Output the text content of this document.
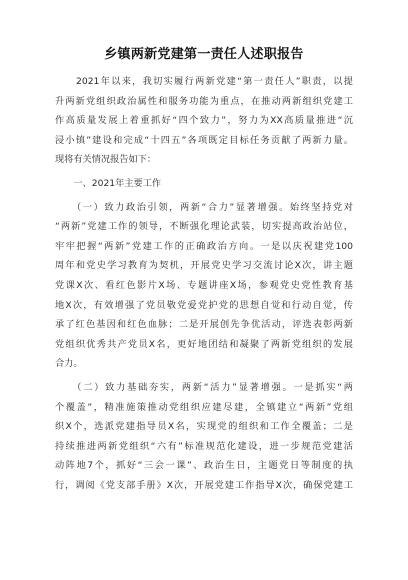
乡镇两新党建第一责任人述职报告
　　2021年以来，我切实履行两新党建“第一责任人”职责，以提
升两新党组织政治属性和服务功能为重点，在推动两新组织党建工
作高质量发展上着重抓好“四个致力”，努力为XX高质量推进“沉
浸小镇”建设和完成“十四五”各项既定目标任务贡献了两新力量。
现将有关情况报告如下：
　　一、2021年主要工作
　　（一）致力政治引领，两新“合力”显著增强。始终坚持党对
“两新”党建工作的领导，不断强化理论武装，切实提高政治站位，
牢牢把握“两新”党建工作的正确政治方向。一是以庆祝建党100
周年和党史学习教育为契机，开展党史学习交流讨论X次，讲主题
党课X次、看红色影片X场、专题讲座X场，参观党史党性教育基
地X次，有效增强了党员敬党爱党护党的思想自觉和行动自觉，传
承了红色基因和红色血脉；二是开展创先争优活动，评选表彰两新
党组织优秀共产党员X名，更好地团结和凝聚了两新党组织的发展
合力。
　　（二）致力基础夯实，两新“活力”显著增强。一是抓实“两
个覆盖”，精准施策推动党组织应建尽建，全镇建立“两新”党组
织X个，选派党建指导员X名，实现党的组织和工作全覆盖；二是
持续推进两新党组织“六有”标准规范化建设，进一步规范党建活
动阵地7个，抓好“三会一课”、政治生日，主题党日等制度的执
行，调阅《党支部手册》X次，开展党建工作指导X次，确保党建工
